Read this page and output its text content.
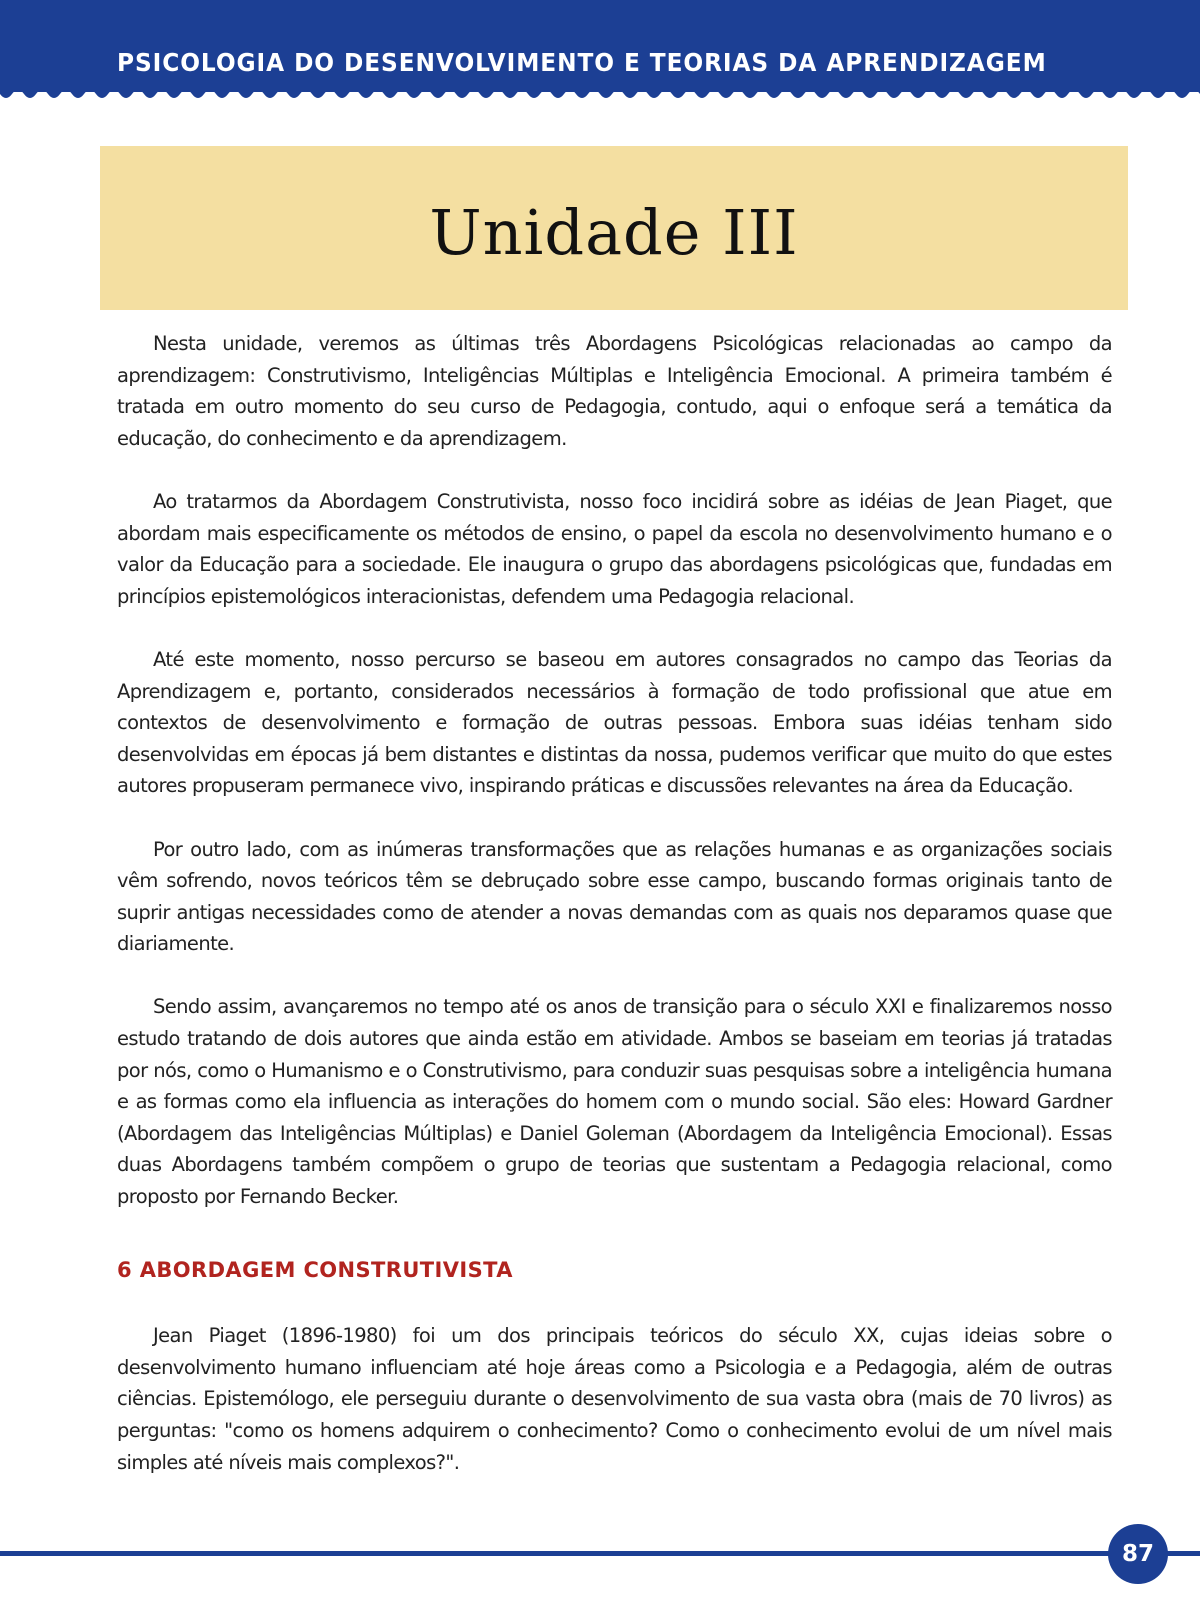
PSICOLOGIA DO DESENVOLVIMENTO E TEORIAS DA APRENDIZAGEM
Unidade III

Nesta unidade, veremos as últimas três Abordagens Psicológicas relacionadas ao campo da aprendizagem: Construtivismo, Inteligências Múltiplas e Inteligência Emocional. A primeira também é tratada em outro momento do seu curso de Pedagogia, contudo, aqui o enfoque será a temática da educação, do conhecimento e da aprendizagem.

Ao tratarmos da Abordagem Construtivista, nosso foco incidirá sobre as idéias de Jean Piaget, que abordam mais especificamente os métodos de ensino, o papel da escola no desenvolvimento humano e o valor da Educação para a sociedade. Ele inaugura o grupo das abordagens psicológicas que, fundadas em princípios epistemológicos interacionistas, defendem uma Pedagogia relacional.

Até este momento, nosso percurso se baseou em autores consagrados no campo das Teorias da Aprendizagem e, portanto, considerados necessários à formação de todo profissional que atue em contextos de desenvolvimento e formação de outras pessoas. Embora suas idéias tenham sido desenvolvidas em épocas já bem distantes e distintas da nossa, pudemos verificar que muito do que estes autores propuseram permanece vivo, inspirando práticas e discussões relevantes na área da Educação.

Por outro lado, com as inúmeras transformações que as relações humanas e as organizações sociais vêm sofrendo, novos teóricos têm se debruçado sobre esse campo, buscando formas originais tanto de suprir antigas necessidades como de atender a novas demandas com as quais nos deparamos quase que diariamente.

Sendo assim, avançaremos no tempo até os anos de transição para o século XXI e finalizaremos nosso estudo tratando de dois autores que ainda estão em atividade. Ambos se baseiam em teorias já tratadas por nós, como o Humanismo e o Construtivismo, para conduzir suas pesquisas sobre a inteligência humana e as formas como ela influencia as interações do homem com o mundo social. São eles: Howard Gardner (Abordagem das Inteligências Múltiplas) e Daniel Goleman (Abordagem da Inteligência Emocional). Essas duas Abordagens também compõem o grupo de teorias que sustentam a Pedagogia relacional, como proposto por Fernando Becker.

6 ABORDAGEM CONSTRUTIVISTA

Jean Piaget (1896-1980) foi um dos principais teóricos do século XX, cujas ideias sobre o desenvolvimento humano influenciam até hoje áreas como a Psicologia e a Pedagogia, além de outras ciências. Epistemólogo, ele perseguiu durante o desenvolvimento de sua vasta obra (mais de 70 livros) as perguntas: "como os homens adquirem o conhecimento? Como o conhecimento evolui de um nível mais simples até níveis mais complexos?".

87
